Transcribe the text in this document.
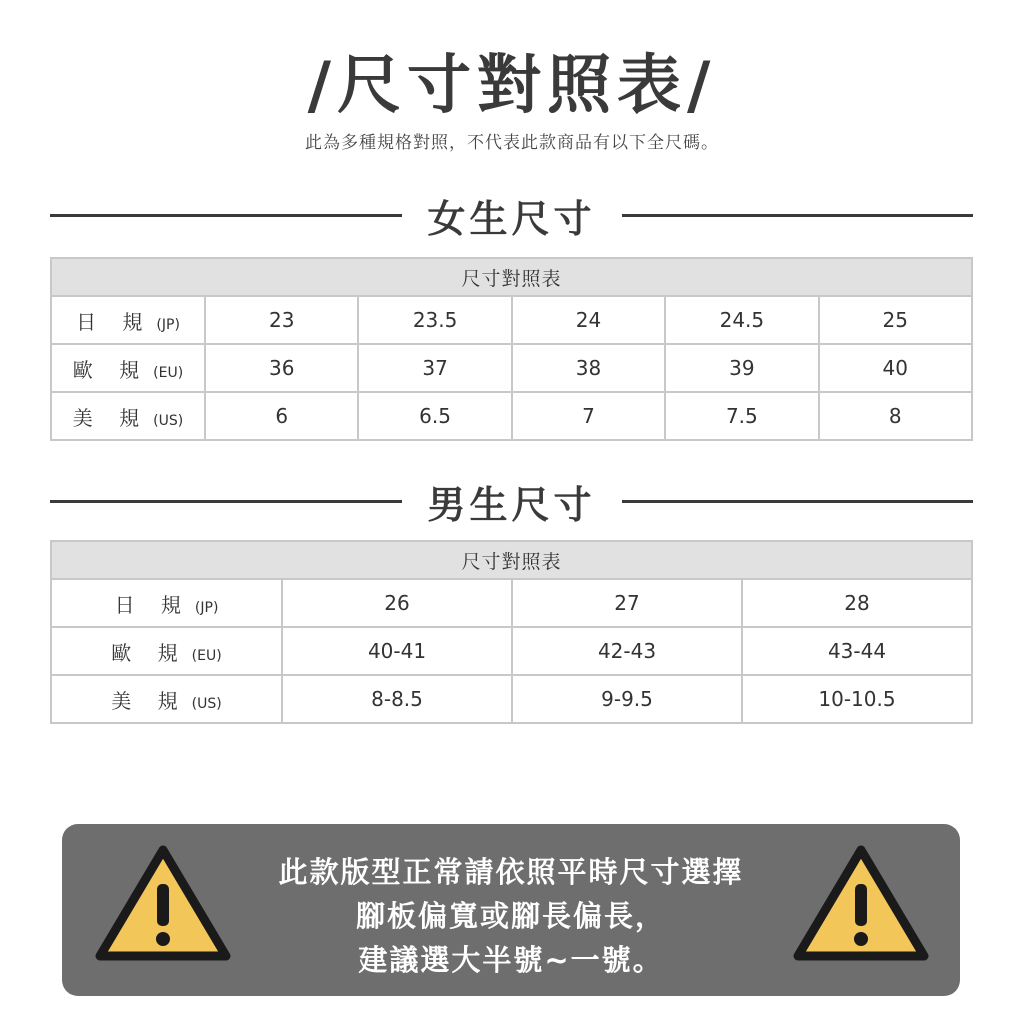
/尺寸對照表/
此為多種規格對照，不代表此款商品有以下全尺碼。
女生尺寸
尺寸對照表					
日 規 (JP)	23	23.5	24	24.5	25
歐 規 (EU)	36	37	38	39	40
美 規 (US)	6	6.5	7	7.5	8
男生尺寸
尺寸對照表			
日 規 (JP)	26	27	28
歐 規 (EU)	40-41	42-43	43-44
美 規 (US)	8-8.5	9-9.5	10-10.5
此款版型正常請依照平時尺寸選擇
腳板偏寬或腳長偏長，
建議選大半號~一號。
